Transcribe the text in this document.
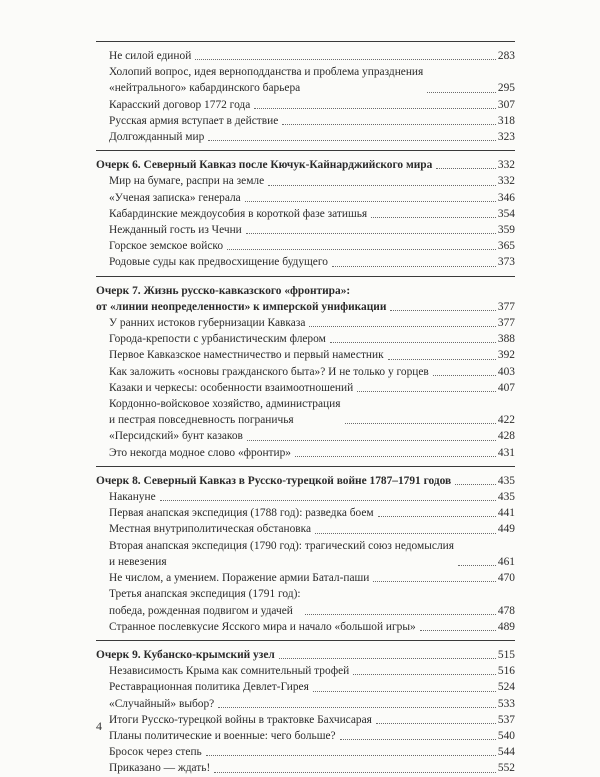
Не силой единой	283
Холопий вопрос, идея верноподданства и проблема упразднения
«нейтрального» кабардинского барьера	295
Карасский договор 1772 года	307
Русская армия вступает в действие	318
Долгожданный мир	323
Очерк 6. Северный Кавказ после Кючук-Кайнарджийского мира	332
Мир на бумаге, распри на земле	332
«Ученая записка» генерала	346
Кабардинские междоусобия в короткой фазе затишья	354
Нежданный гость из Чечни	359
Горское земское войско	365
Родовые суды как предвосхищение будущего	373
Очерк 7. Жизнь русско-кавказского «фронтира»:
от «линии неопределенности» к имперской унификации	377
У ранних истоков губернизации Кавказа	377
Города-крепости с урбанистическим флером	388
Первое Кавказское наместничество и первый наместник	392
Как заложить «основы гражданского быта»? И не только у горцев	403
Казаки и черкесы: особенности взаимоотношений	407
Кордонно-войсковое хозяйство, администрация
и пестрая повседневность пограничья	422
«Персидский» бунт казаков	428
Это некогда модное слово «фронтир»	431
Очерк 8. Северный Кавказ в Русско-турецкой войне 1787–1791 годов	435
Накануне	435
Первая анапская экспедиция (1788 год): разведка боем	441
Местная внутриполитическая обстановка	449
Вторая анапская экспедиция (1790 год): трагический союз недомыслия
и невезения	461
Не числом, а умением. Поражение армии Батал-паши	470
Третья анапская экспедиция (1791 год):
победа, рожденная подвигом и удачей	478
Странное послевкусие Ясского мира и начало «большой игры»	489
Очерк 9. Кубанско-крымский узел	515
Независимость Крыма как сомнительный трофей	516
Реставрационная политика Девлет-Гирея	524
«Случайный» выбор?	533
Итоги Русско-турецкой войны в трактовке Бахчисарая	537
Планы политические и военные: чего больше?	540
Бросок через степь	544
Приказано — ждать!	552
4
